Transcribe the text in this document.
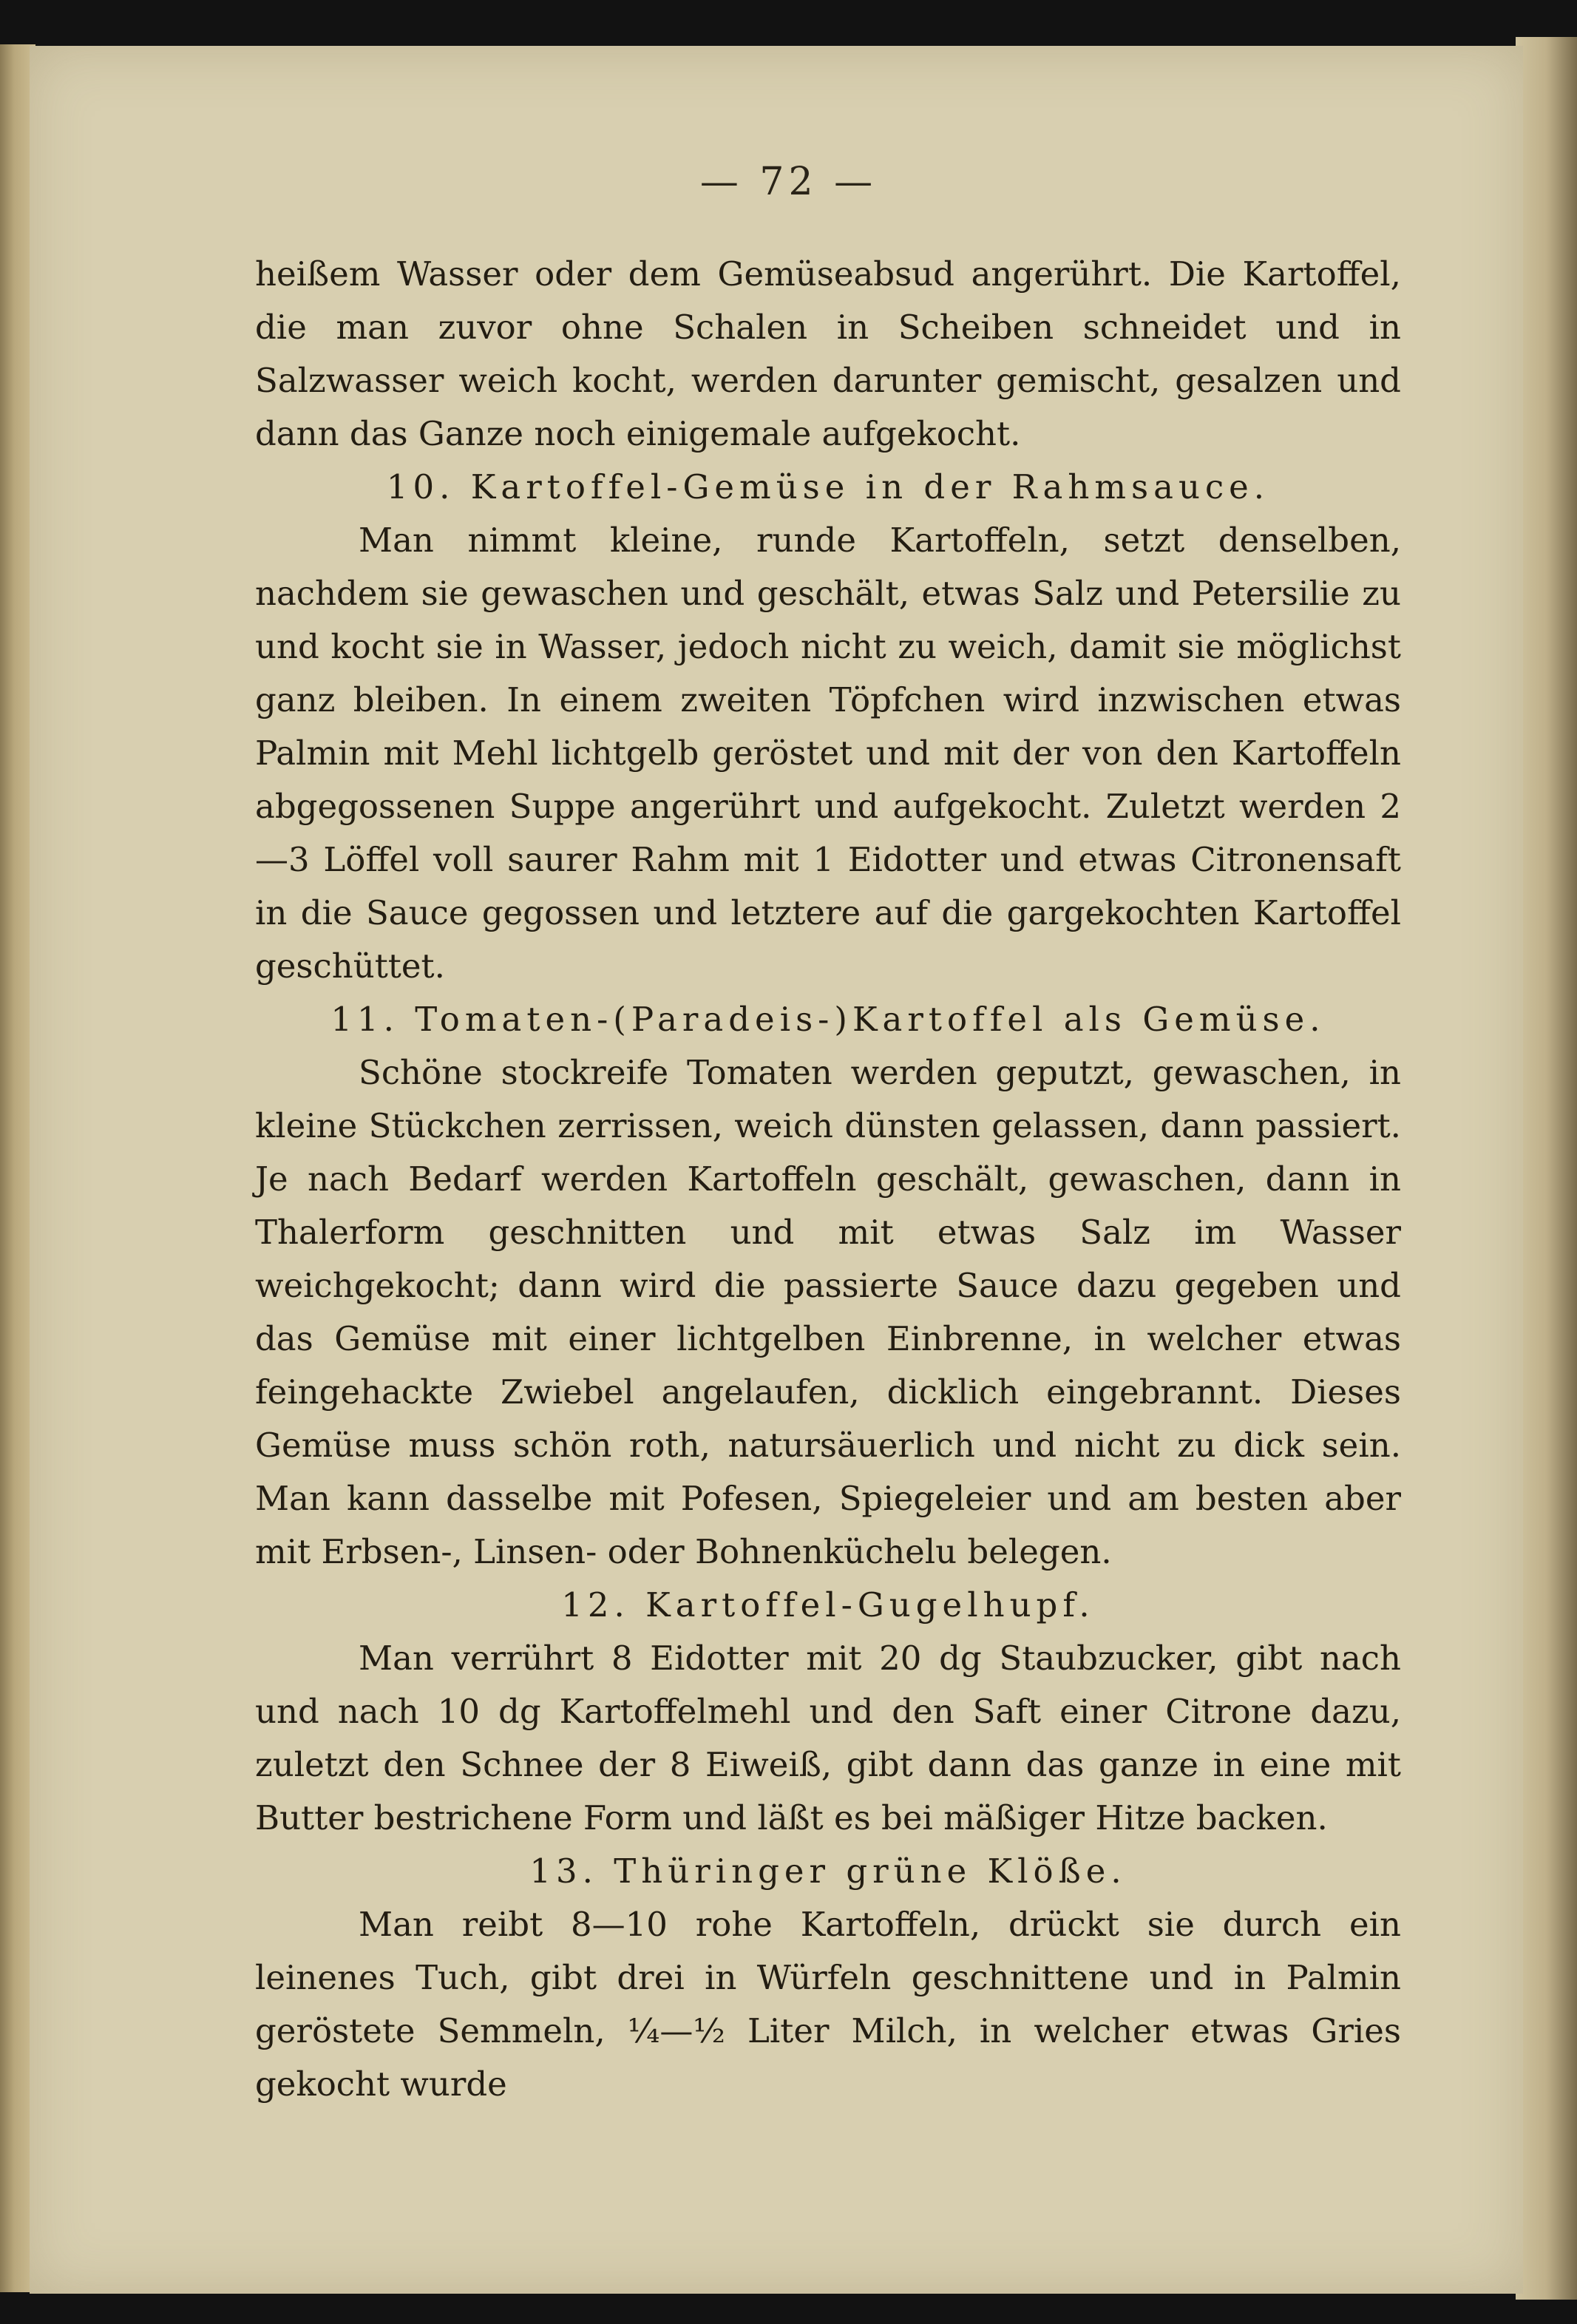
— 72 —

heißem Wasser oder dem Gemüseabsud angerührt. Die Kartoffel, die man zuvor ohne Schalen in Scheiben schneidet und in Salzwasser weich kocht, werden darunter gemischt, gesalzen und dann das Ganze noch einigemale aufgekocht.

10. Kartoffel-Gemüse in der Rahmsauce.

Man nimmt kleine, runde Kartoffeln, setzt denselben, nachdem sie gewaschen und geschält, etwas Salz und Petersilie zu und kocht sie in Wasser, jedoch nicht zu weich, damit sie möglichst ganz bleiben. In einem zweiten Töpfchen wird inzwischen etwas Palmin mit Mehl lichtgelb geröstet und mit der von den Kartoffeln abgegossenen Suppe angerührt und aufgekocht. Zuletzt werden 2—3 Löffel voll saurer Rahm mit 1 Eidotter und etwas Citronensaft in die Sauce gegossen und letztere auf die gargekochten Kartoffel geschüttet.

11. Tomaten-(Paradeis-)Kartoffel als Gemüse.

Schöne stockreife Tomaten werden geputzt, gewaschen, in kleine Stückchen zerrissen, weich dünsten gelassen, dann passiert. Je nach Bedarf werden Kartoffeln geschält, gewaschen, dann in Thalerform geschnitten und mit etwas Salz im Wasser weichgekocht; dann wird die passierte Sauce dazu gegeben und das Gemüse mit einer lichtgelben Einbrenne, in welcher etwas feingehackte Zwiebel angelaufen, dicklich eingebrannt. Dieses Gemüse muss schön roth, natursäuerlich und nicht zu dick sein. Man kann dasselbe mit Pofesen, Spiegeleier und am besten aber mit Erbsen-, Linsen- oder Bohnenküchelu belegen.

12. Kartoffel-Gugelhupf.

Man verrührt 8 Eidotter mit 20 dg Staubzucker, gibt nach und nach 10 dg Kartoffelmehl und den Saft einer Citrone dazu, zuletzt den Schnee der 8 Eiweiß, gibt dann das ganze in eine mit Butter bestrichene Form und läßt es bei mäßiger Hitze backen.

13. Thüringer grüne Klöße.

Man reibt 8—10 rohe Kartoffeln, drückt sie durch ein leinenes Tuch, gibt drei in Würfeln geschnittene und in Palmin geröstete Semmeln, ¼—½ Liter Milch, in welcher etwas Gries gekocht wurde
